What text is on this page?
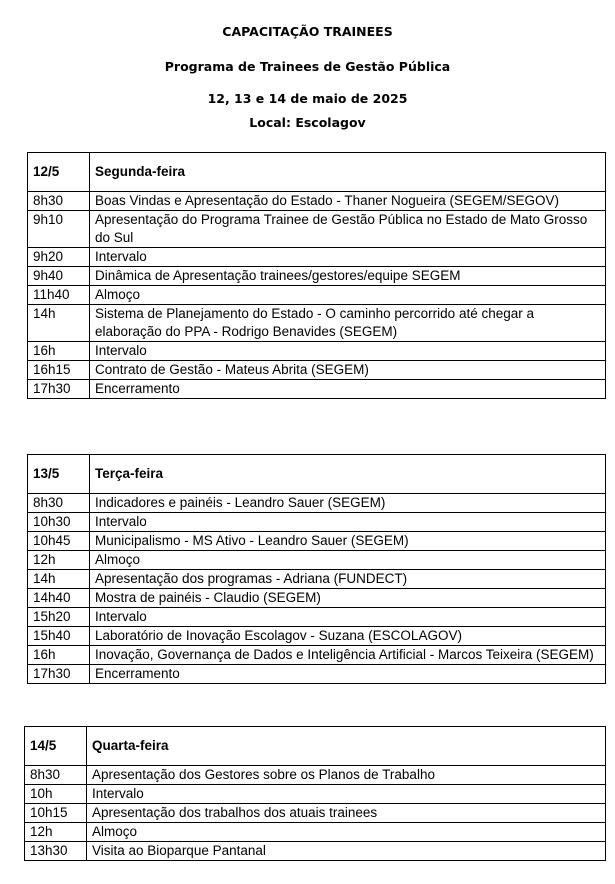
CAPACITAÇÃO TRAINEES
Programa de Trainees de Gestão Pública
12, 13 e 14 de maio de 2025
Local: Escolagov
12/5	Segunda-feira
8h30	Boas Vindas e Apresentação do Estado - Thaner Nogueira (SEGEM/SEGOV)
9h10	Apresentação do Programa Trainee de Gestão Pública no Estado de Mato Grosso do Sul
9h20	Intervalo
9h40	Dinâmica de Apresentação trainees/gestores/equipe SEGEM
11h40	Almoço
14h	Sistema de Planejamento do Estado - O caminho percorrido até chegar a elaboração do PPA - Rodrigo Benavides (SEGEM)
16h	Intervalo
16h15	Contrato de Gestão - Mateus Abrita (SEGEM)
17h30	Encerramento
13/5	Terça-feira
8h30	Indicadores e painéis - Leandro Sauer (SEGEM)
10h30	Intervalo
10h45	Municipalismo - MS Ativo - Leandro Sauer (SEGEM)
12h	Almoço
14h	Apresentação dos programas - Adriana (FUNDECT)
14h40	Mostra de painéis - Claudio (SEGEM)
15h20	Intervalo
15h40	Laboratório de Inovação Escolagov - Suzana (ESCOLAGOV)
16h	Inovação, Governança de Dados e Inteligência Artificial - Marcos Teixeira (SEGEM)
17h30	Encerramento
14/5	Quarta-feira
8h30	Apresentação dos Gestores sobre os Planos de Trabalho
10h	Intervalo
10h15	Apresentação dos trabalhos dos atuais trainees
12h	Almoço
13h30	Visita ao Bioparque Pantanal
